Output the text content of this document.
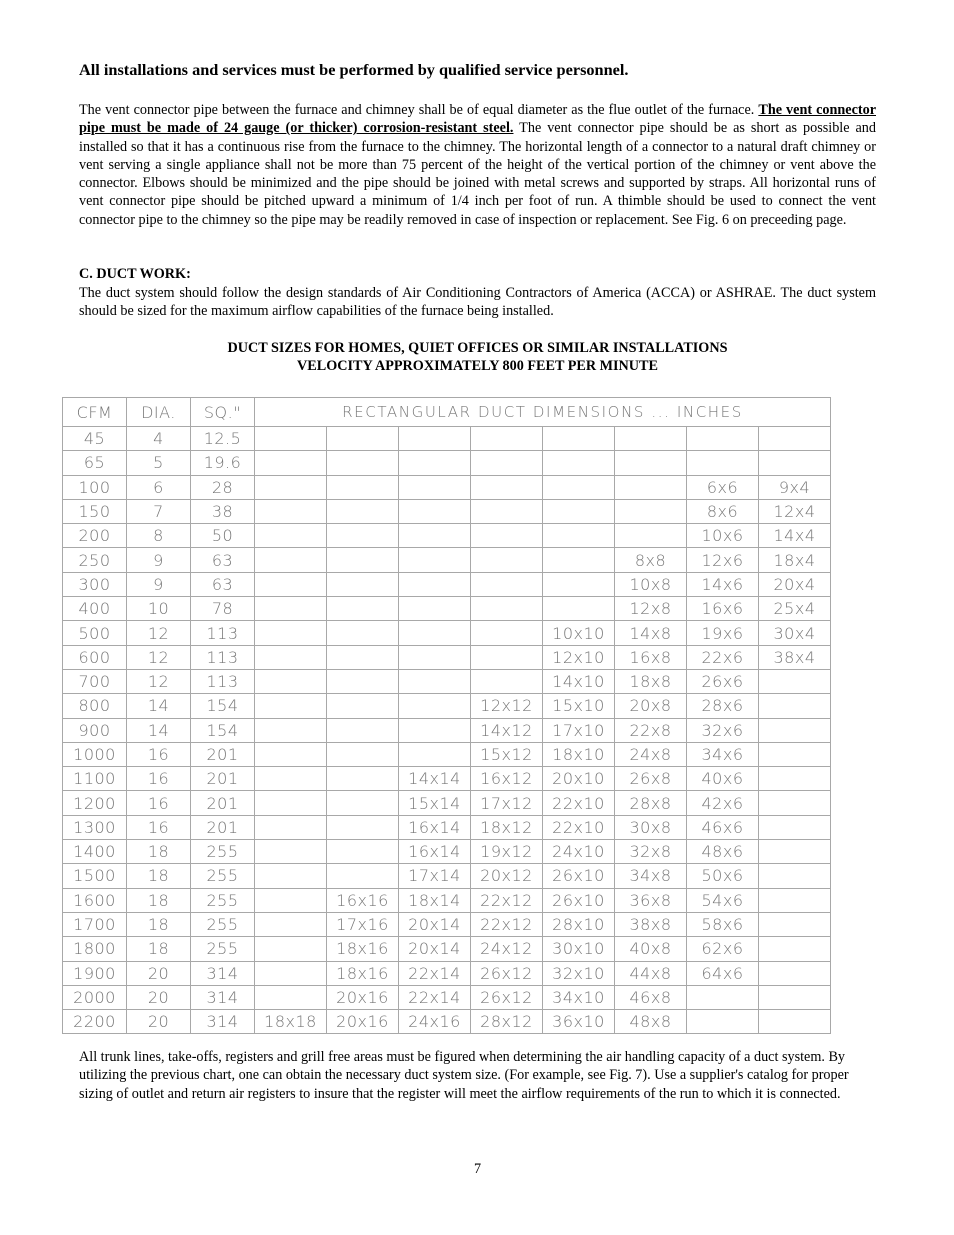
All installations and services must be performed by qualified service personnel.

The vent connector pipe between the furnace and chimney shall be of equal diameter as the flue outlet of the furnace. The vent connector pipe must be made of 24 gauge (or thicker) corrosion-resistant steel. The vent connector pipe should be as short as possible and installed so that it has a continuous rise from the furnace to the chimney. The horizontal length of a connector to a natural draft chimney or vent serving a single appliance shall not be more than 75 percent of the height of the vertical portion of the chimney or vent above the connector. Elbows should be minimized and the pipe should be joined with metal screws and supported by straps. All horizontal runs of vent connector pipe should be pitched upward a minimum of 1/4 inch per foot of run. A thimble should be used to connect the vent connector pipe to the chimney so the pipe may be readily removed in case of inspection or replacement. See Fig. 6 on preceeding page.

C. DUCT WORK:

The duct system should follow the design standards of Air Conditioning Contractors of America (ACCA) or ASHRAE. The duct system should be sized for the maximum airflow capabilities of the furnace being installed.

DUCT SIZES FOR HOMES, QUIET OFFICES OR SIMILAR INSTALLATIONS
VELOCITY APPROXIMATELY 800 FEET PER MINUTE

All trunk lines, take-offs, registers and grill free areas must be figured when determining the air handling capacity of a duct system. By utilizing the previous chart, one can obtain the necessary duct system size. (For example, see Fig. 7). Use a supplier's catalog for proper sizing of outlet and return air registers to insure that the register will meet the airflow requirements of the run to which it is connected.

7
CFM	DIA.	SQ."	RECTANGULAR DUCT DIMENSIONS ... INCHES							
45	4	12.5								
65	5	19.6								
100	6	28							6x6	9x4
150	7	38							8x6	12x4
200	8	50							10x6	14x4
250	9	63						8x8	12x6	18x4
300	9	63						10x8	14x6	20x4
400	10	78						12x8	16x6	25x4
500	12	113					10x10	14x8	19x6	30x4
600	12	113					12x10	16x8	22x6	38x4
700	12	113					14x10	18x8	26x6	
800	14	154				12x12	15x10	20x8	28x6	
900	14	154				14x12	17x10	22x8	32x6	
1000	16	201				15x12	18x10	24x8	34x6	
1100	16	201			14x14	16x12	20x10	26x8	40x6	
1200	16	201			15x14	17x12	22x10	28x8	42x6	
1300	16	201			16x14	18x12	22x10	30x8	46x6	
1400	18	255			16x14	19x12	24x10	32x8	48x6	
1500	18	255			17x14	20x12	26x10	34x8	50x6	
1600	18	255		16x16	18x14	22x12	26x10	36x8	54x6	
1700	18	255		17x16	20x14	22x12	28x10	38x8	58x6	
1800	18	255		18x16	20x14	24x12	30x10	40x8	62x6	
1900	20	314		18x16	22x14	26x12	32x10	44x8	64x6	
2000	20	314		20x16	22x14	26x12	34x10	46x8		
2200	20	314	18x18	20x16	24x16	28x12	36x10	48x8		
